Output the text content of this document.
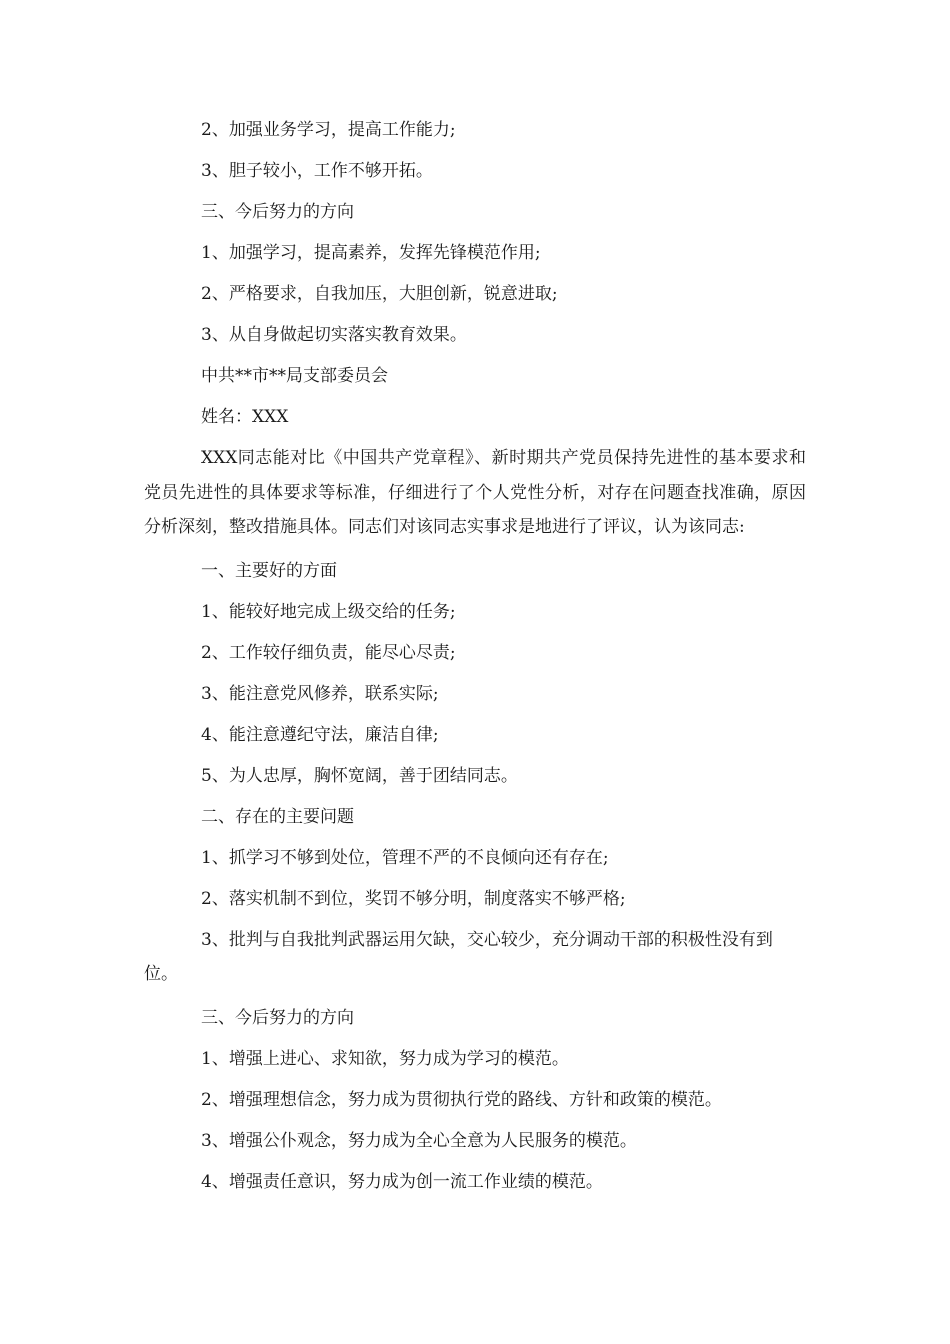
2、加强业务学习，提高工作能力;
3、胆子较小，工作不够开拓。
三、今后努力的方向
1、加强学习，提高素养，发挥先锋模范作用;
2、严格要求，自我加压，大胆创新，锐意进取;
3、从自身做起切实落实教育效果。
中共**市**局支部委员会
姓名：XXX
XXX同志能对比《中国共产党章程》、新时期共产党员保持先进性的基本要求和党员先进性的具体要求等标准，仔细进行了个人党性分析，对存在问题查找准确，原因分析深刻，整改措施具体。同志们对该同志实事求是地进行了评议，认为该同志:
一、主要好的方面
1、能较好地完成上级交给的任务;
2、工作较仔细负责，能尽心尽责;
3、能注意党风修养，联系实际;
4、能注意遵纪守法，廉洁自律;
5、为人忠厚，胸怀宽阔，善于团结同志。
二、存在的主要问题
1、抓学习不够到处位，管理不严的不良倾向还有存在;
2、落实机制不到位，奖罚不够分明，制度落实不够严格;
3、批判与自我批判武器运用欠缺，交心较少，充分调动干部的积极性没有到位。
三、今后努力的方向
1、增强上进心、求知欲，努力成为学习的模范。
2、增强理想信念，努力成为贯彻执行党的路线、方针和政策的模范。
3、增强公仆观念，努力成为全心全意为人民服务的模范。
4、增强责任意识，努力成为创一流工作业绩的模范。
